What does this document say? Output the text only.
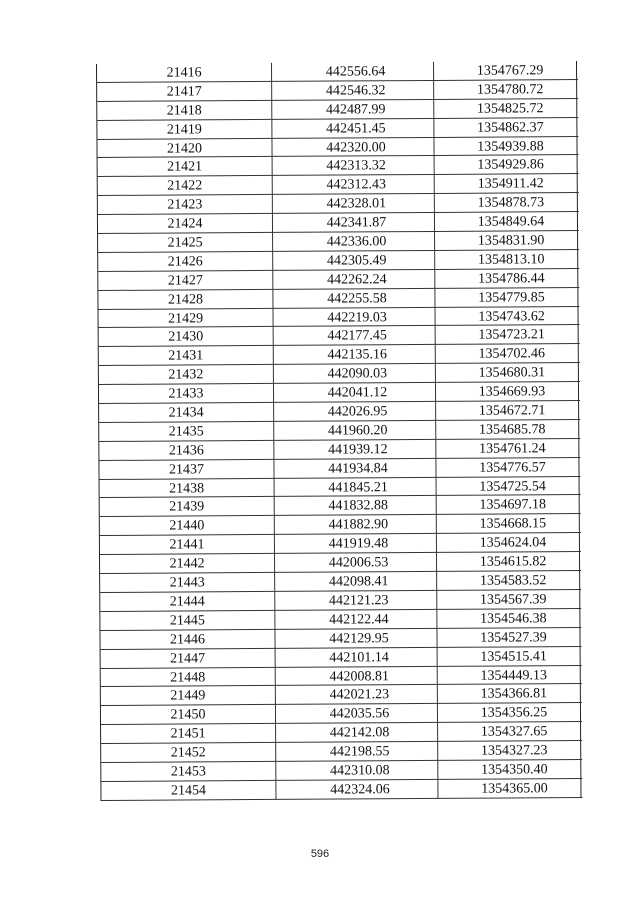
21416	442556.64	1354767.29
21417	442546.32	1354780.72
21418	442487.99	1354825.72
21419	442451.45	1354862.37
21420	442320.00	1354939.88
21421	442313.32	1354929.86
21422	442312.43	1354911.42
21423	442328.01	1354878.73
21424	442341.87	1354849.64
21425	442336.00	1354831.90
21426	442305.49	1354813.10
21427	442262.24	1354786.44
21428	442255.58	1354779.85
21429	442219.03	1354743.62
21430	442177.45	1354723.21
21431	442135.16	1354702.46
21432	442090.03	1354680.31
21433	442041.12	1354669.93
21434	442026.95	1354672.71
21435	441960.20	1354685.78
21436	441939.12	1354761.24
21437	441934.84	1354776.57
21438	441845.21	1354725.54
21439	441832.88	1354697.18
21440	441882.90	1354668.15
21441	441919.48	1354624.04
21442	442006.53	1354615.82
21443	442098.41	1354583.52
21444	442121.23	1354567.39
21445	442122.44	1354546.38
21446	442129.95	1354527.39
21447	442101.14	1354515.41
21448	442008.81	1354449.13
21449	442021.23	1354366.81
21450	442035.56	1354356.25
21451	442142.08	1354327.65
21452	442198.55	1354327.23
21453	442310.08	1354350.40
21454	442324.06	1354365.00
596
